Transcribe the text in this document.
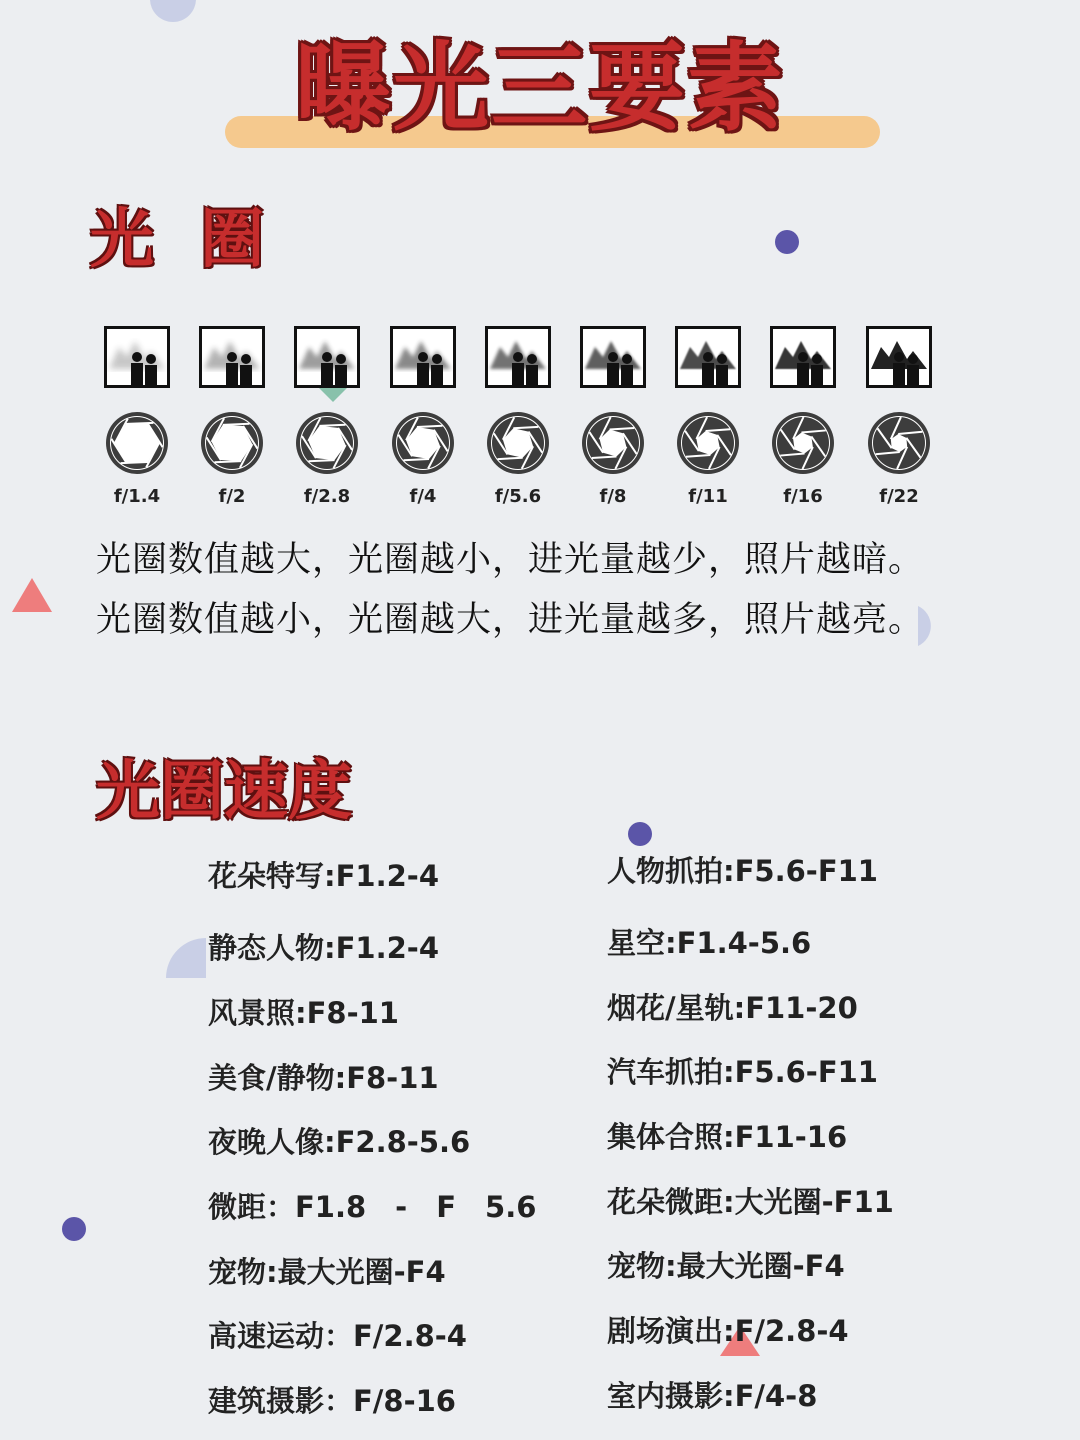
曝光三要素
光 圈
f/1.4	f/2	f/2.8	f/4	f/5.6	f/8	f/11	f/16	f/22
光圈数值越大，光圈越小，进光量越少，照片越暗。
光圈数值越小，光圈越大，进光量越多，照片越亮。
光圈速度
花朵特写:F1.2-4
静态人物:F1.2-4
风景照:F8-11
美食/静物:F8-11
夜晚人像:F2.8-5.6
微距：F1.8　-　F　5.6
宠物:最大光圈-F4
高速运动：F/2.8-4
建筑摄影：F/8-16
人物抓拍:F5.6-F11
星空:F1.4-5.6
烟花/星轨:F11-20
汽车抓拍:F5.6-F11
集体合照:F11-16
花朵微距:大光圈-F11
宠物:最大光圈-F4
剧场演出:F/2.8-4
室内摄影:F/4-8
